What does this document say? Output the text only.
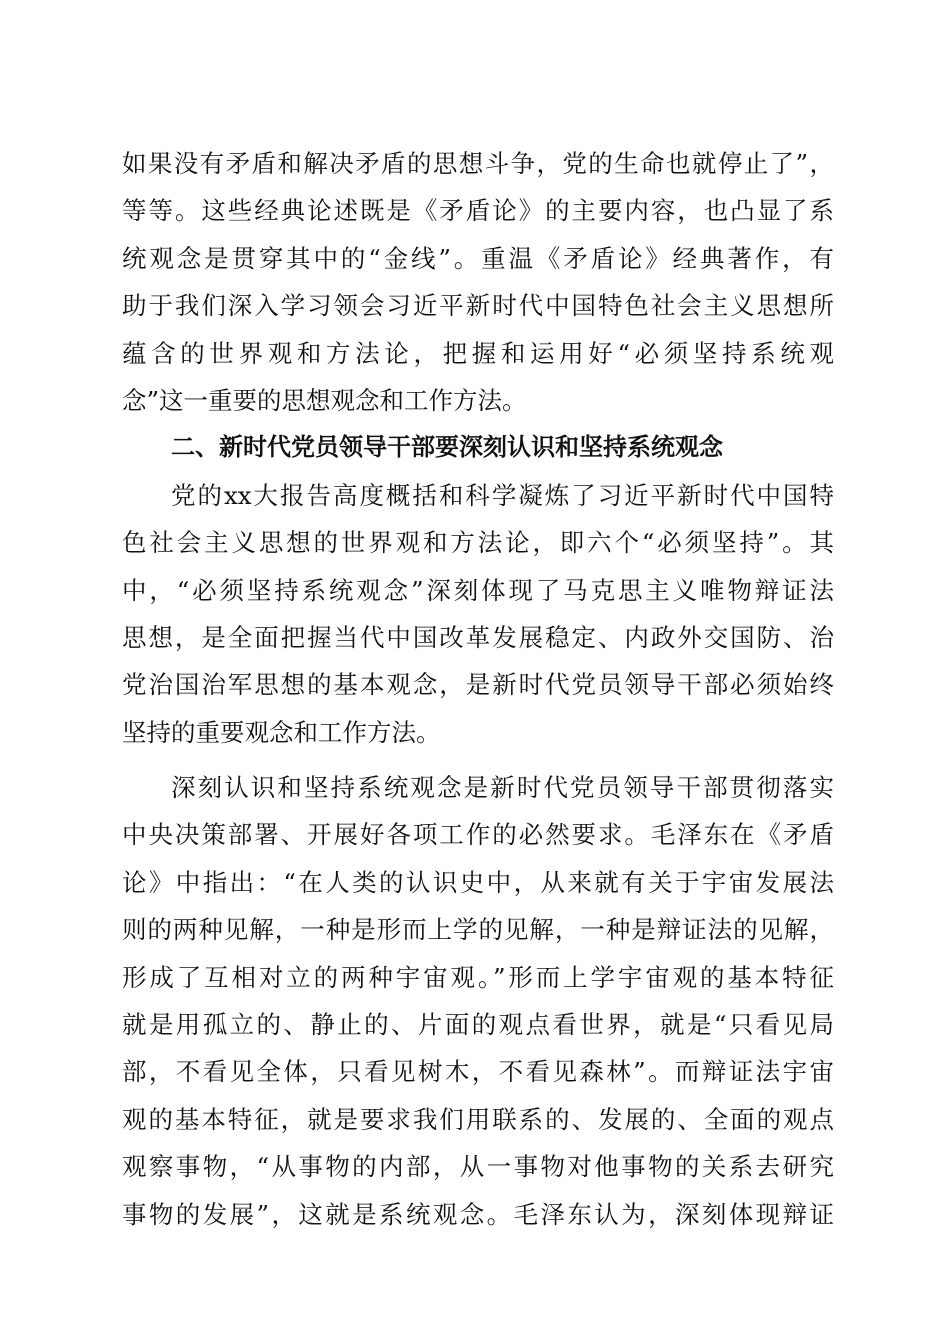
如果没有矛盾和解决矛盾的思想斗争，党的生命也就停止了”，
等等。这些经典论述既是《矛盾论》的主要内容，也凸显了系
统观念是贯穿其中的“金线”。重温《矛盾论》经典著作，有
助于我们深入学习领会习近平新时代中国特色社会主义思想所
蕴含的世界观和方法论，把握和运用好“必须坚持系统观
念”这一重要的思想观念和工作方法。
二、新时代党员领导干部要深刻认识和坚持系统观念
党的xx大报告高度概括和科学凝炼了习近平新时代中国特
色社会主义思想的世界观和方法论，即六个“必须坚持”。其
中，“必须坚持系统观念”深刻体现了马克思主义唯物辩证法
思想，是全面把握当代中国改革发展稳定、内政外交国防、治
党治国治军思想的基本观念，是新时代党员领导干部必须始终
坚持的重要观念和工作方法。
深刻认识和坚持系统观念是新时代党员领导干部贯彻落实
中央决策部署、开展好各项工作的必然要求。毛泽东在《矛盾
论》中指出：“在人类的认识史中，从来就有关于宇宙发展法
则的两种见解，一种是形而上学的见解，一种是辩证法的见解，
形成了互相对立的两种宇宙观。”形而上学宇宙观的基本特征
就是用孤立的、静止的、片面的观点看世界，就是“只看见局
部，不看见全体，只看见树木，不看见森林”。而辩证法宇宙
观的基本特征，就是要求我们用联系的、发展的、全面的观点
观察事物，“从事物的内部，从一事物对他事物的关系去研究
事物的发展”，这就是系统观念。毛泽东认为，深刻体现辩证
